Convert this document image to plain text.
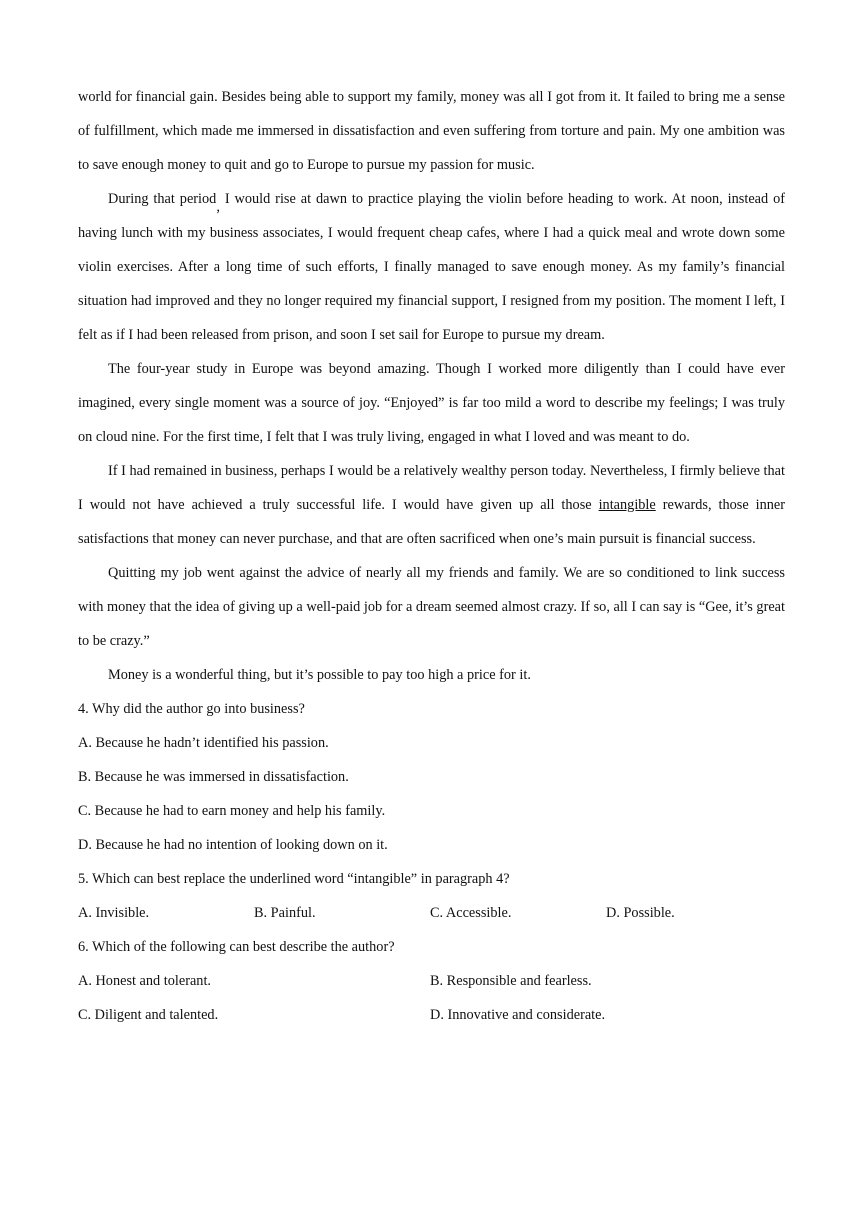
world for financial gain. Besides being able to support my family, money was all I got from it. It failed to bring me a sense of fulfillment, which made me immersed in dissatisfaction and even suffering from torture and pain. My one ambition was to save enough money to quit and go to Europe to pursue my passion for music.

During that period, I would rise at dawn to practice playing the violin before heading to work. At noon, instead of having lunch with my business associates, I would frequent cheap cafes, where I had a quick meal and wrote down some violin exercises. After a long time of such efforts, I finally managed to save enough money. As my family’s financial situation had improved and they no longer required my financial support, I resigned from my position. The moment I left, I felt as if I had been released from prison, and soon I set sail for Europe to pursue my dream.

The four-year study in Europe was beyond amazing. Though I worked more diligently than I could have ever imagined, every single moment was a source of joy. “Enjoyed” is far too mild a word to describe my feelings; I was truly on cloud nine. For the first time, I felt that I was truly living, engaged in what I loved and was meant to do.

If I had remained in business, perhaps I would be a relatively wealthy person today. Nevertheless, I firmly believe that I would not have achieved a truly successful life. I would have given up all those intangible rewards, those inner satisfactions that money can never purchase, and that are often sacrificed when one’s main pursuit is financial success.

Quitting my job went against the advice of nearly all my friends and family. We are so conditioned to link success with money that the idea of giving up a well-paid job for a dream seemed almost crazy. If so, all I can say is “Gee, it’s great to be crazy.”

Money is a wonderful thing, but it’s possible to pay too high a price for it.

4. Why did the author go into business?
A. Because he hadn’t identified his passion.
B. Because he was immersed in dissatisfaction.
C. Because he had to earn money and help his family.
D. Because he had no intention of looking down on it.
5. Which can best replace the underlined word “intangible” in paragraph 4?
A. Invisible.	B. Painful.	C. Accessible.	D. Possible.
6. Which of the following can best describe the author?
A. Honest and tolerant.	B. Responsible and fearless.
C. Diligent and talented.	D. Innovative and considerate.
